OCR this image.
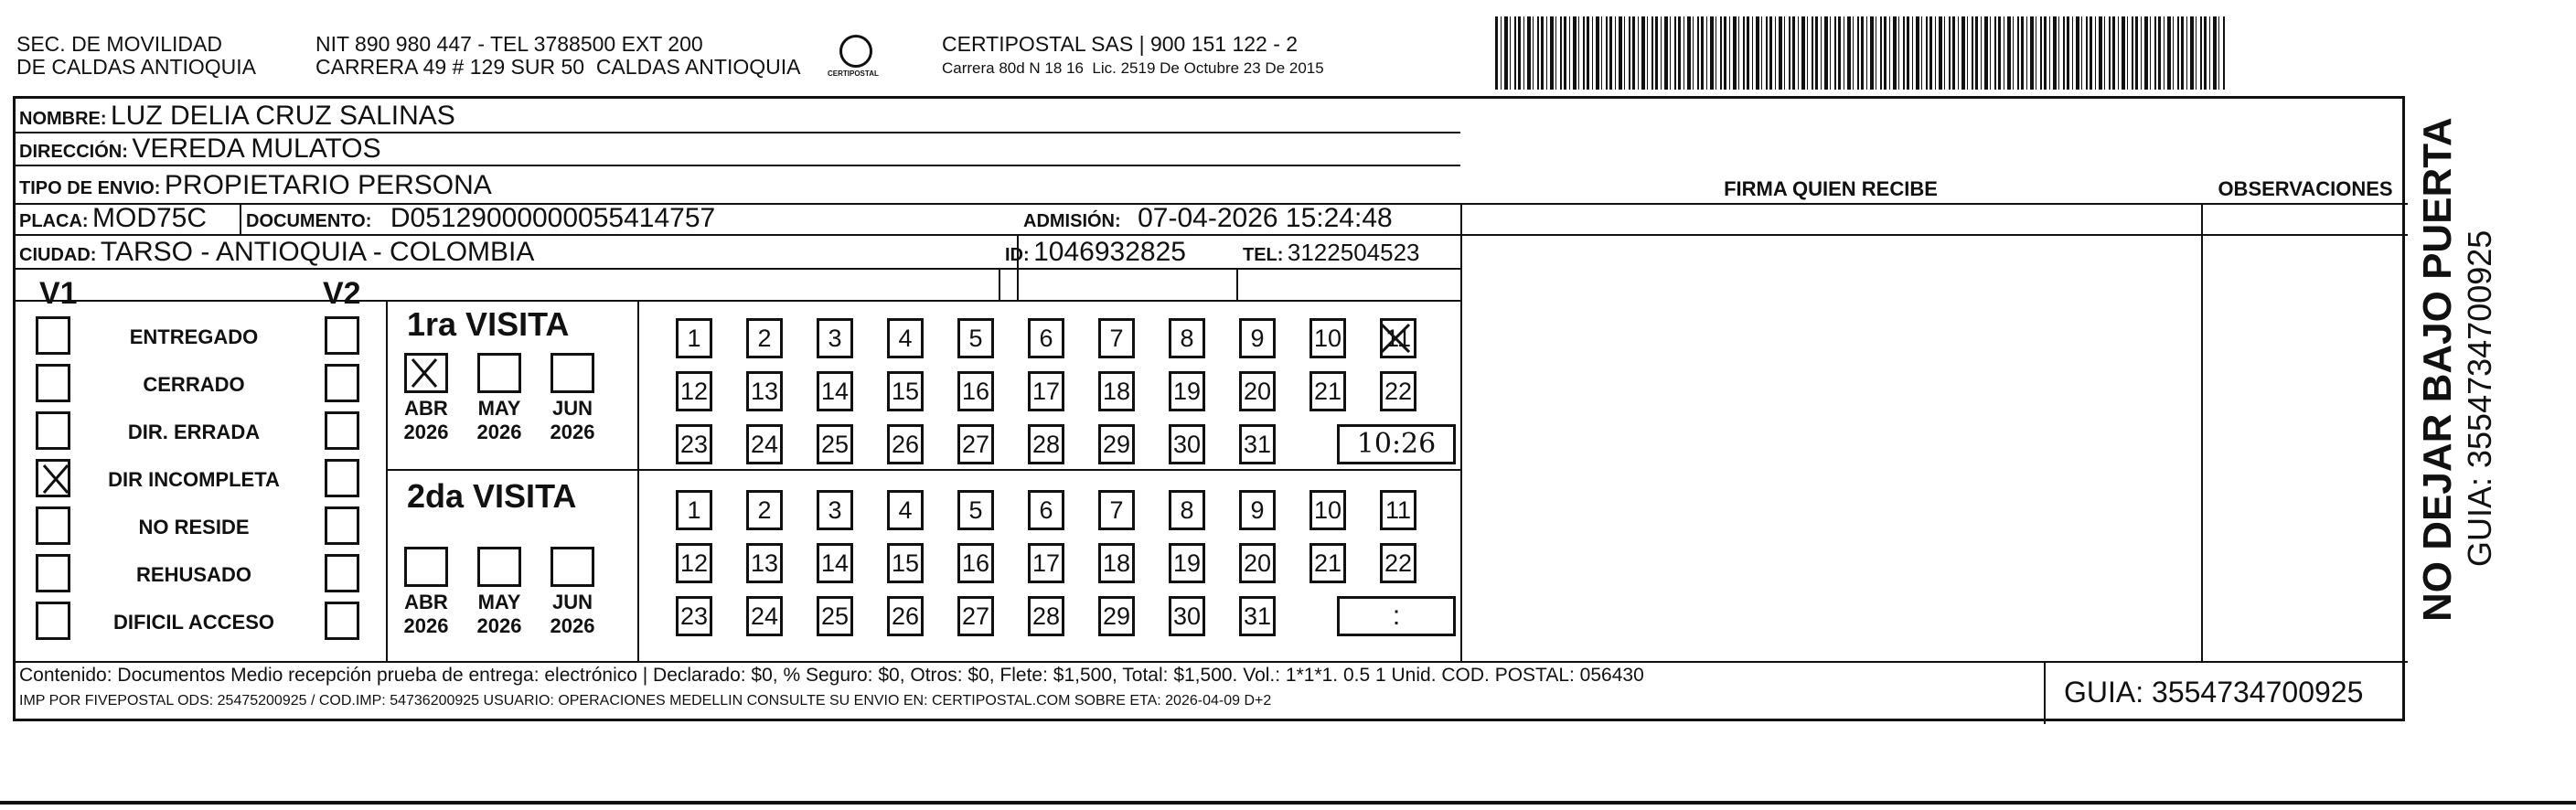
SEC. DE MOVILIDAD
DE CALDAS ANTIOQUIA
NIT 890 980 447 - TEL 3788500 EXT 200
CARRERA 49 # 129 SUR 50  CALDAS ANTIOQUIA	CERTIPOSTAL
CERTIPOSTAL SAS | 900 151 122 - 2
Carrera 80d N 18 16  Lic. 2519 De Octubre 23 De 2015
NOMBRE: LUZ DELIA CRUZ SALINAS
DIRECCIÓN: VEREDA MULATOS
TIPO DE ENVIO: PROPIETARIO PERSONA	FIRMA QUIEN RECIBE	OBSERVACIONES
PLACA: MOD75C DOCUMENTO: D05129000000055414757	ADMISIÓN: 07-04-2026 15:24:48
CIUDAD: TARSO - ANTIOQUIA - COLOMBIA	ID: 1046932825	TEL: 3122504523
V1	V2
1ra VISITA
2da VISITA
Contenido: Documentos Medio recepción prueba de entrega: electrónico | Declarado: $0, % Seguro: $0, Otros: $0, Flete: $1,500, Total: $1,500. Vol.: 1*1*1. 0.5 1 Unid. COD. POSTAL: 056430
IMP POR FIVEPOSTAL ODS: 25475200925 / COD.IMP: 54736200925 USUARIO: OPERACIONES MEDELLIN CONSULTE SU ENVIO EN: CERTIPOSTAL.COM SOBRE ETA: 2026-04-09 D+2	GUIA: 3554734700925
ENTREGADO
CERRADO
DIR. ERRADA
DIR INCOMPLETA
NO RESIDE
REHUSADO
DIFICIL ACCESO
ABR
2026
MAY
2026
JUN
2026
ABR
2026
MAY
2026
JUN
2026
1	2	3	4	5	6	7	8	9	10 11
12 13 14 15 16 17 18 19 20 21 22
23 24 25 26 27 28 29 30 31	10:26
1	2	3	4	5	6	7	8	9	10 11
12 13 14 15 16 17 18 19 20 21 22
23 24 25 26 27 28 29 30 31	:	NO DEJAR BAJO PUERTA GUIA: 3554734700925
